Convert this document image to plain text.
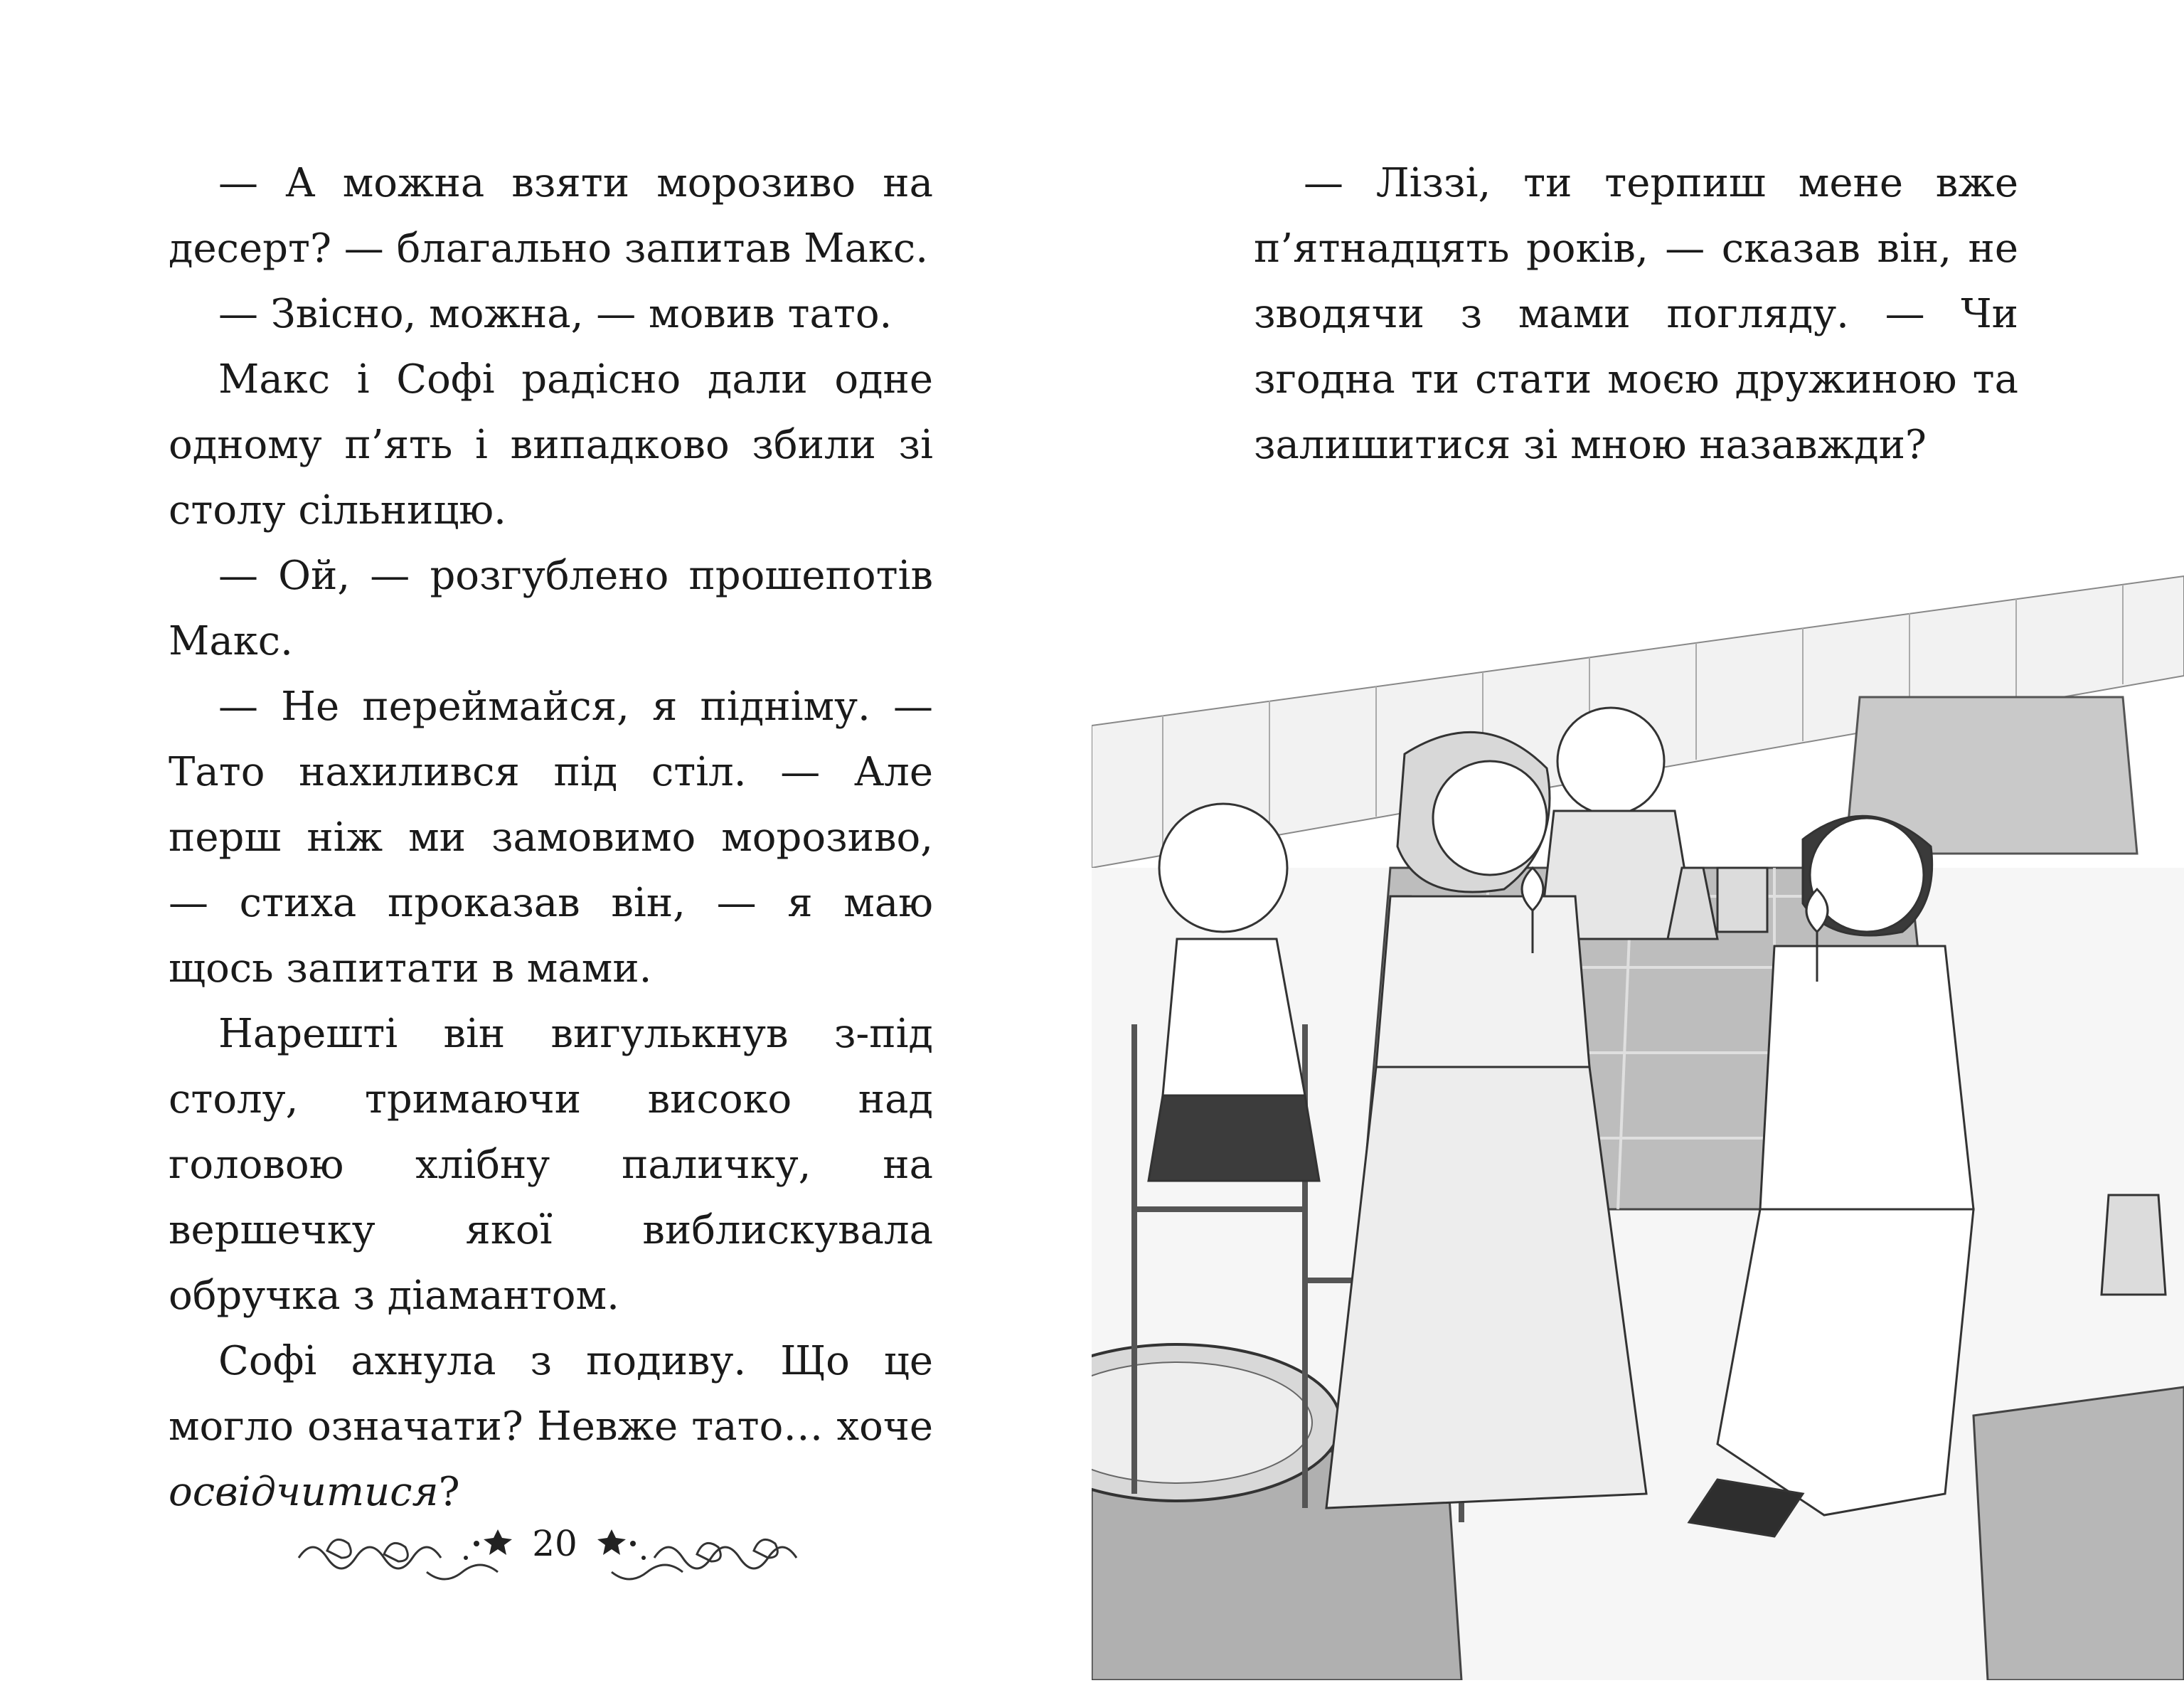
— А можна взяти морозиво на десерт? — благально запитав Макс.

— Звісно, можна, — мовив тато.

Макс і Софі радісно дали одне одному п’ять і випадково збили зі столу сільницю.

— Ой, — розгублено прошепотів Макс.

— Не переймайся, я підніму. — Тато нахилився під стіл. — Але перш ніж ми замовимо морозиво, — стиха проказав він, — я маю щось запитати в мами.

Нарешті він вигулькнув з-під столу, тримаючи високо над головою хлібну паличку, на вершечку якої виблискувала обручка з діамантом.

Софі ахнула з подиву. Що це могло означати? Невже тато… хоче освідчитися?

20

— Ліззі, ти терпиш мене вже п’ятнадцять років, — сказав він, не зводячи з мами погляду. — Чи згодна ти стати моєю дружиною та залишитися зі мною назавжди?
